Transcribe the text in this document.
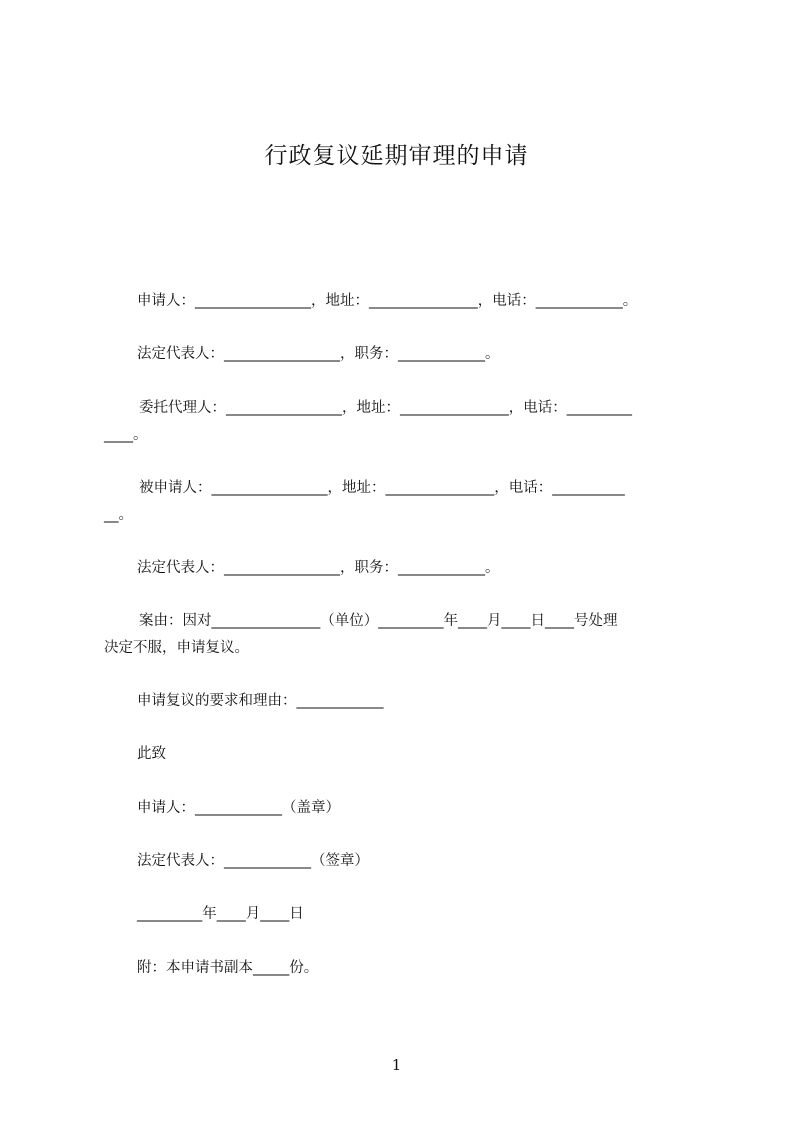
行政复议延期审理的申请
申请人：________________，地址：_______________，电话：____________。
法定代表人：________________，职务：____________。
委托代理人：________________，地址：_______________，电话：_________
____。
被申请人：________________，地址：_______________，电话：__________
__。
法定代表人：________________，职务：____________。
案由：因对_______________（单位）_________年____月____日____号处理
决定不服，申请复议。
申请复议的要求和理由：____________
此致
申请人：____________（盖章）
法定代表人：____________（签章）
_________年____月____日
附：本申请书副本_____份。
1
